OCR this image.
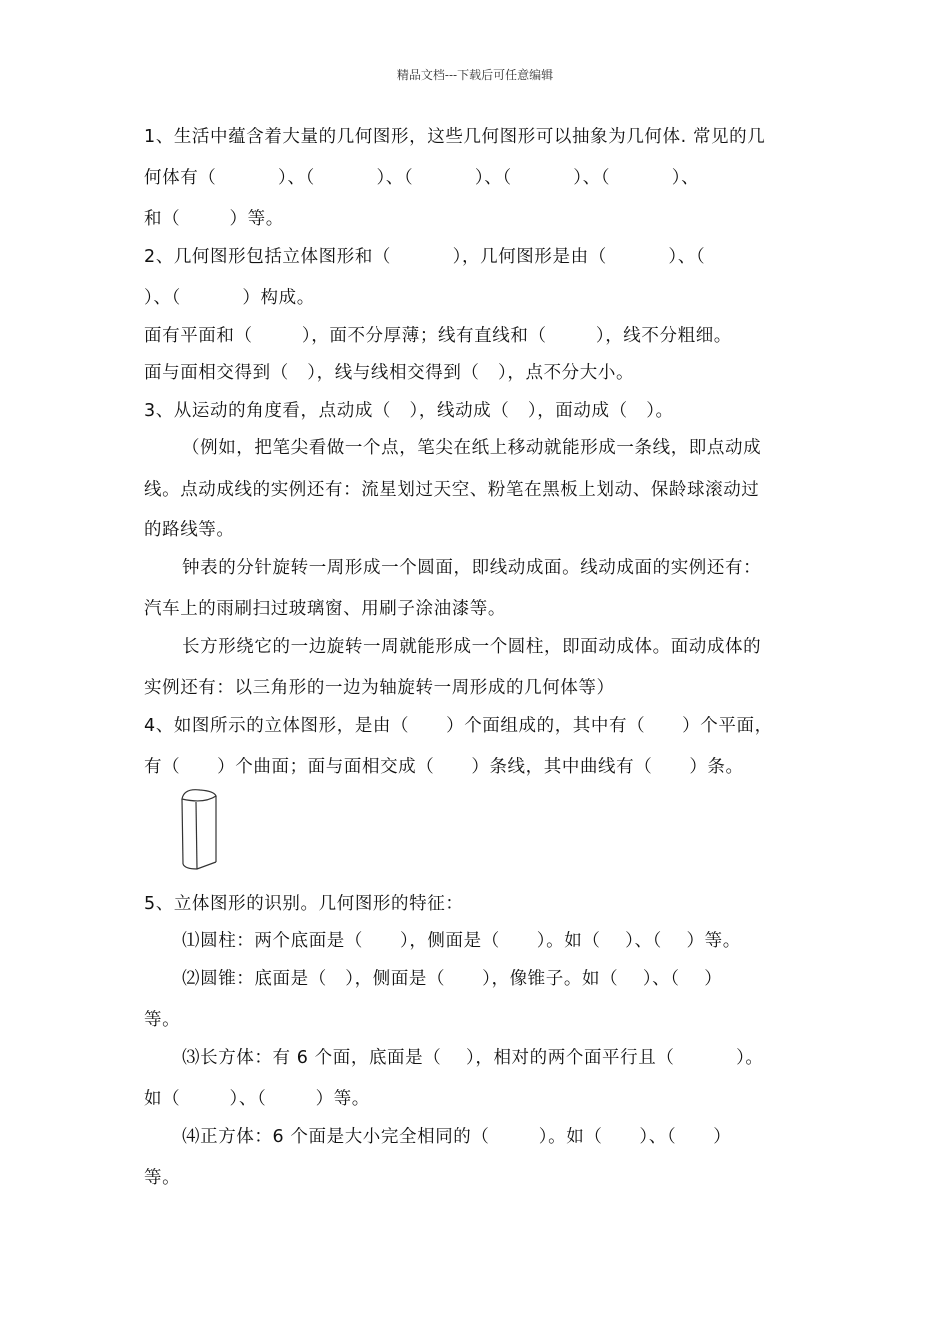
精品文档---下载后可任意编辑
1、生活中蕴含着大量的几何图形，这些几何图形可以抽象为几何体. 常见的几
何体有（          ）、（          ）、（          ）、（          ）、（          ）、
和（        ）等。
2、几何图形包括立体图形和（          ），几何图形是由（          ）、（
）、（          ）构成。
面有平面和（        ），面不分厚薄；线有直线和（        ），线不分粗细。
面与面相交得到（   ），线与线相交得到（   ），点不分大小。
3、从运动的角度看，点动成（   ），线动成（   ），面动成（   ）。
（例如，把笔尖看做一个点，笔尖在纸上移动就能形成一条线，即点动成
线。点动成线的实例还有：流星划过天空、粉笔在黑板上划动、保龄球滚动过
的路线等。
钟表的分针旋转一周形成一个圆面，即线动成面。线动成面的实例还有：
汽车上的雨刷扫过玻璃窗、用刷子涂油漆等。
长方形绕它的一边旋转一周就能形成一个圆柱，即面动成体。面动成体的
实例还有：以三角形的一边为轴旋转一周形成的几何体等）
4、如图所示的立体图形，是由（      ）个面组成的，其中有（      ）个平面，
有（      ）个曲面；面与面相交成（      ）条线，其中曲线有（      ）条。
5、立体图形的识别。几何图形的特征：
⑴圆柱：两个底面是（      ），侧面是（      ）。如（    ）、（    ）等。
⑵圆锥：底面是（   ），侧面是（      ），像锥子。如（    ）、（    ）
等。
⑶长方体：有 6 个面，底面是（    ），相对的两个面平行且（          ）。
如（        ）、（        ）等。
⑷正方体：6 个面是大小完全相同的（        ）。如（      ）、（      ）
等。
